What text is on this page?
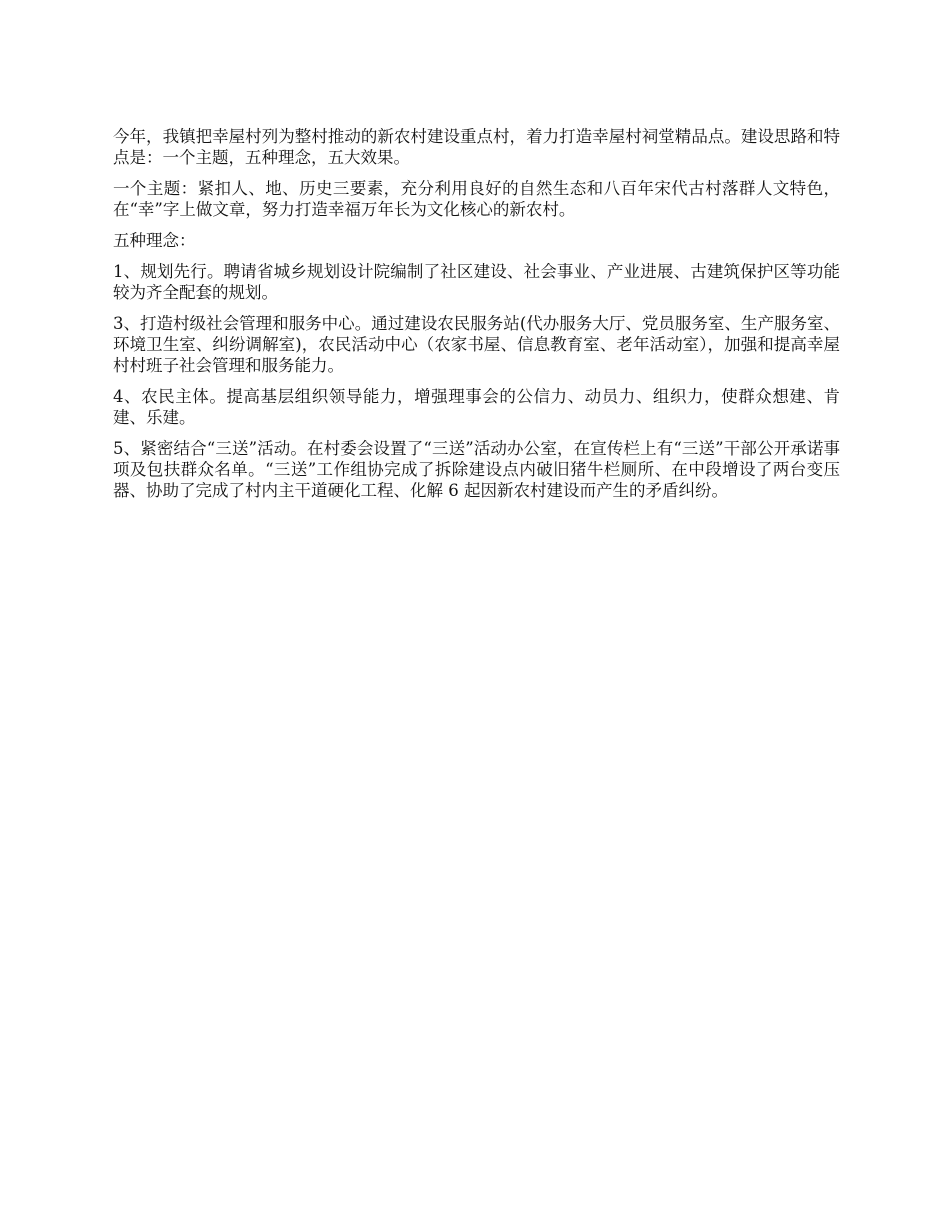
今年，我镇把幸屋村列为整村推动的新农村建设重点村，着力打造幸屋村祠堂精品点。建设思路和特点是：一个主题，五种理念，五大效果。

一个主题：紧扣人、地、历史三要素，充分利用良好的自然生态和八百年宋代古村落群人文特色，在“幸”字上做文章，努力打造幸福万年长为文化核心的新农村。

五种理念：

1、规划先行。聘请省城乡规划设计院编制了社区建设、社会事业、产业进展、古建筑保护区等功能较为齐全配套的规划。

3、打造村级社会管理和服务中心。通过建设农民服务站(代办服务大厅、党员服务室、生产服务室、环境卫生室、纠纷调解室)，农民活动中心（农家书屋、信息教育室、老年活动室），加强和提高幸屋村村班子社会管理和服务能力。

4、农民主体。提高基层组织领导能力，增强理事会的公信力、动员力、组织力，使群众想建、肯建、乐建。

5、紧密结合“三送”活动。在村委会设置了“三送”活动办公室，在宣传栏上有“三送”干部公开承诺事项及包扶群众名单。“三送”工作组协完成了拆除建设点内破旧猪牛栏厕所、在中段增设了两台变压器、协助了完成了村内主干道硬化工程、化解 6 起因新农村建设而产生的矛盾纠纷。
